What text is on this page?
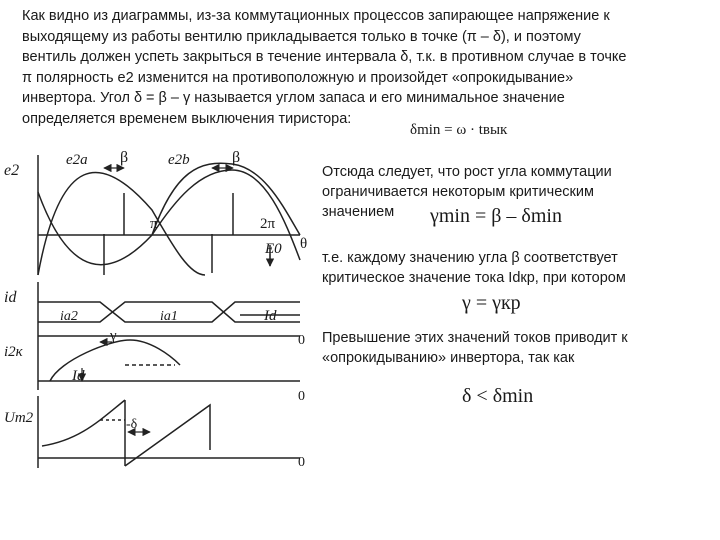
Как видно из диаграммы, из-за коммутационных процессов запирающее напряжение к
выходящему из работы вентилю прикладывается только в точке (π – δ), и поэтому
вентиль должен успеть закрыться в течение интервала δ, т.к. в противном случае в точке
π полярность e2 изменится на противоположную и произойдет «опрокидывание»
инвертора. Угол δ = β – γ называется углом запаса и его минимальное значение
определяется временем выключения тиристора:
δmin = ω · tвык
e2
e2a	e2b
β	β
π	2π
θ
E0
id
ia2	ia1	Id
γ
i2к
Id
0
0
0
Uт2	-δ
Отсюда следует, что рост угла коммутации ограничивается некоторым критическим значением	γmin = β – δmin
т.е. каждому значению угла β соответствует критическое значение тока Idкр, при котором
γ = γкр
Превышение этих значений токов приводит к «опрокидыванию» инвертора, так как
δ < δmin
